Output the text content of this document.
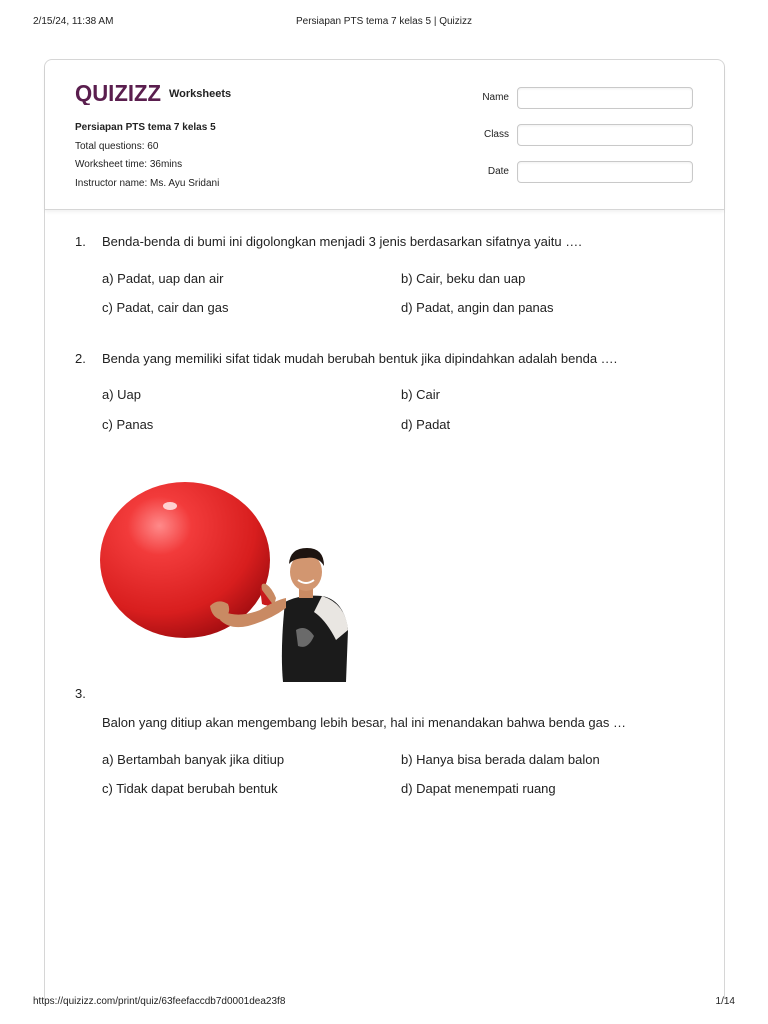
2/15/24, 11:38 AM	Persiapan PTS tema 7 kelas 5 | Quizizz
QUIZIZZ Worksheets
Persiapan PTS tema 7 kelas 5
Total questions: 60
Worksheet time: 36mins
Instructor name: Ms. Ayu Sridani
Name
Class
Date
1. Benda-benda di bumi ini digolongkan menjadi 3 jenis berdasarkan sifatnya yaitu ….
a) Padat, uap dan air	b) Cair, beku dan uap
c) Padat, cair dan gas	d) Padat, angin dan panas
2. Benda yang memiliki sifat tidak mudah berubah bentuk jika dipindahkan adalah benda ….
a) Uap	b) Cair
c) Panas	d) Padat
3.
Balon yang ditiup akan mengembang lebih besar, hal ini menandakan bahwa benda gas …
a) Bertambah banyak jika ditiup	b) Hanya bisa berada dalam balon
c) Tidak dapat berubah bentuk	d) Dapat menempati ruang
https://quizizz.com/print/quiz/63feefaccdb7d0001dea23f8	1/14
